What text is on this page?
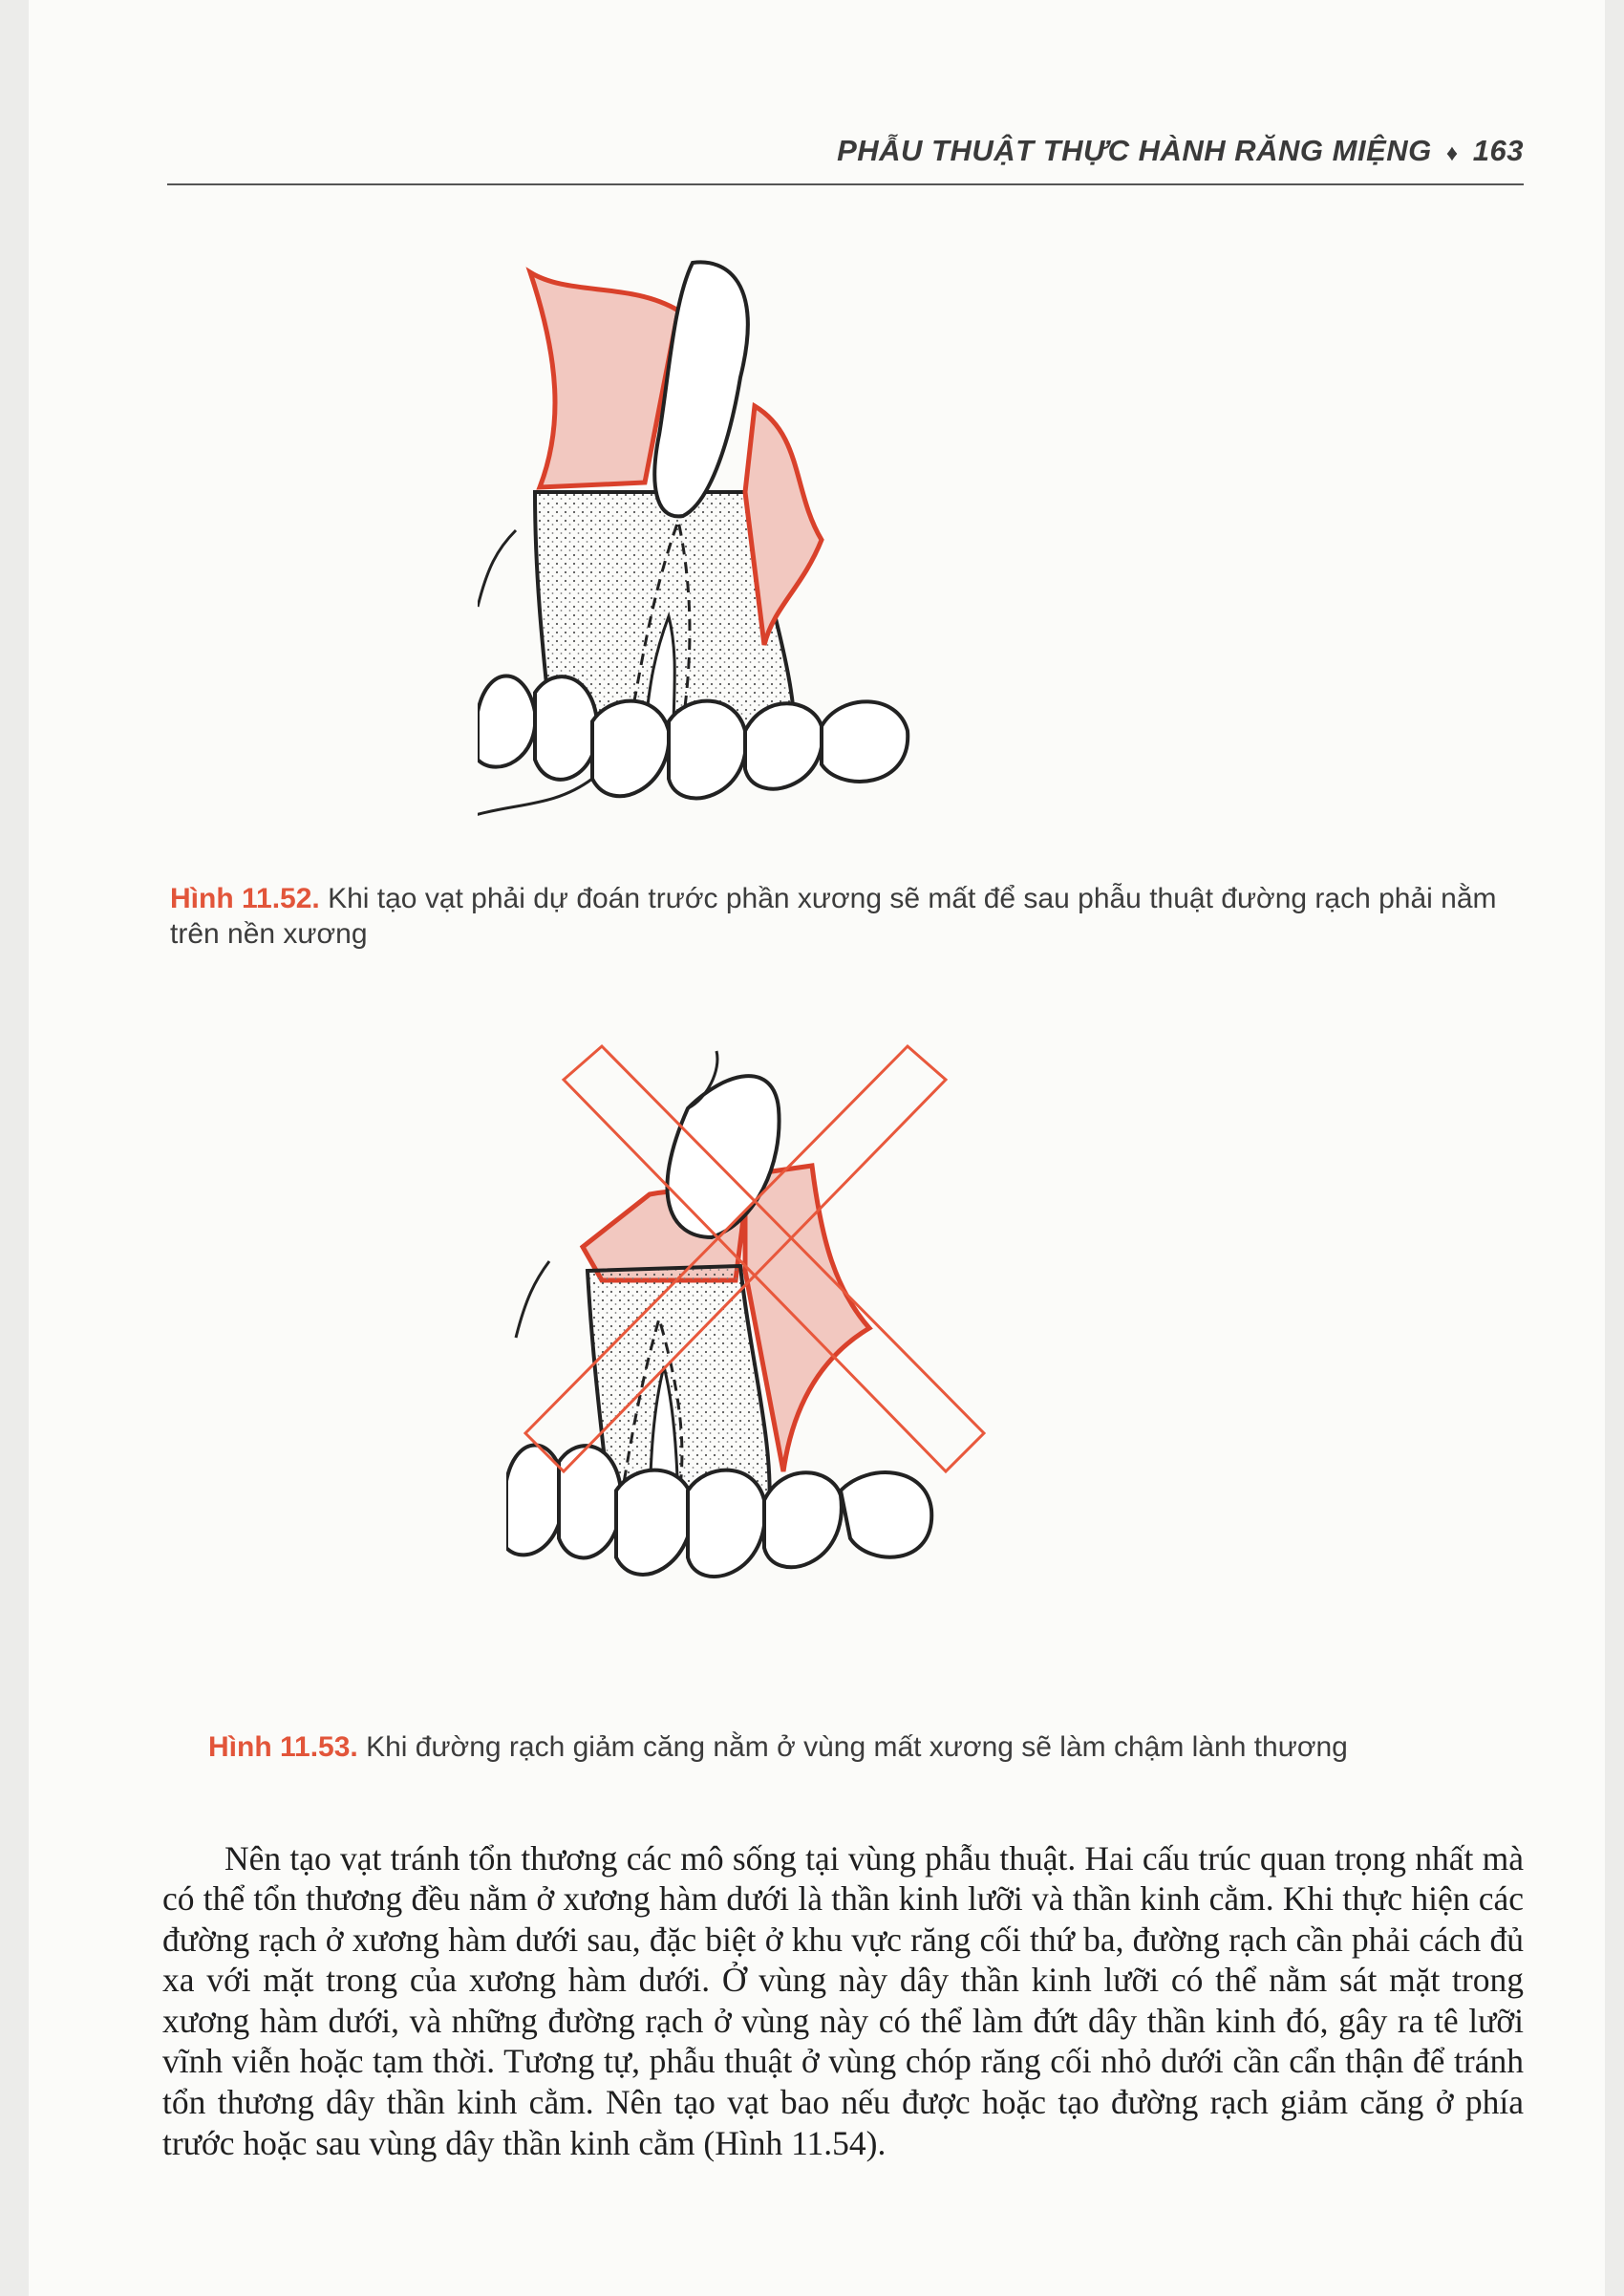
PHẪU THUẬT THỰC HÀNH RĂNG MIỆNG ♦ 163
Hình 11.52. Khi tạo vạt phải dự đoán trước phần xương sẽ mất để sau phẫu thuật đường rạch phải nằm trên nền xương
Hình 11.53. Khi đường rạch giảm căng nằm ở vùng mất xương sẽ làm chậm lành thương

Nên tạo vạt tránh tổn thương các mô sống tại vùng phẫu thuật. Hai cấu trúc quan trọng nhất mà có thể tổn thương đều nằm ở xương hàm dưới là thần kinh lưỡi và thần kinh cằm. Khi thực hiện các đường rạch ở xương hàm dưới sau, đặc biệt ở khu vực răng cối thứ ba, đường rạch cần phải cách đủ xa với mặt trong của xương hàm dưới. Ở vùng này dây thần kinh lưỡi có thể nằm sát mặt trong xương hàm dưới, và những đường rạch ở vùng này có thể làm đứt dây thần kinh đó, gây ra tê lưỡi vĩnh viễn hoặc tạm thời. Tương tự, phẫu thuật ở vùng chóp răng cối nhỏ dưới cần cẩn thận để tránh tổn thương dây thần kinh cằm. Nên tạo vạt bao nếu được hoặc tạo đường rạch giảm căng ở phía trước hoặc sau vùng dây thần kinh cằm (Hình 11.54).
